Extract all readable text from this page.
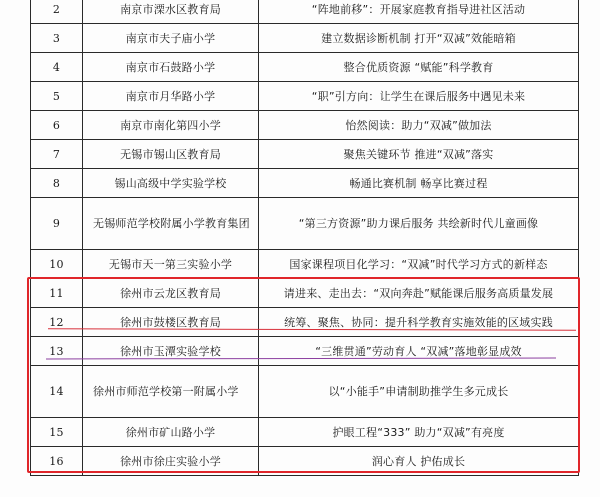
2	南京市溧水区教育局	“阵地前移”：开展家庭教育指导进社区活动
3	南京市夫子庙小学	建立数据诊断机制 打开“双减”效能暗箱
4	南京市石鼓路小学	整合优质资源 “赋能”科学教育
5	南京市月华路小学	“职”引方向：让学生在课后服务中遇见未来
6	南京市南化第四小学	怡然阅读：助力“双减”做加法
7	无锡市锡山区教育局	聚焦关键环节 推进“双减”落实
8	锡山高级中学实验学校	畅通比赛机制 畅享比赛过程
9	无锡师范学校附属小学教育集团	“第三方资源”助力课后服务 共绘新时代儿童画像
10	无锡市天一第三实验小学	国家课程项目化学习：“双减”时代学习方式的新样态
11	徐州市云龙区教育局	请进来、走出去：“双向奔赴”赋能课后服务高质量发展
12	徐州市鼓楼区教育局	统筹、聚焦、协同：提升科学教育实施效能的区域实践
13	徐州市玉潭实验学校	“三维贯通”劳动育人 “双减”落地彰显成效
14	徐州市师范学校第一附属小学	以“小能手”申请制助推学生多元成长
15	徐州市矿山路小学	护眼工程“333” 助力“双减”有亮度
16	徐州市徐庄实验小学	润心育人 护佑成长
